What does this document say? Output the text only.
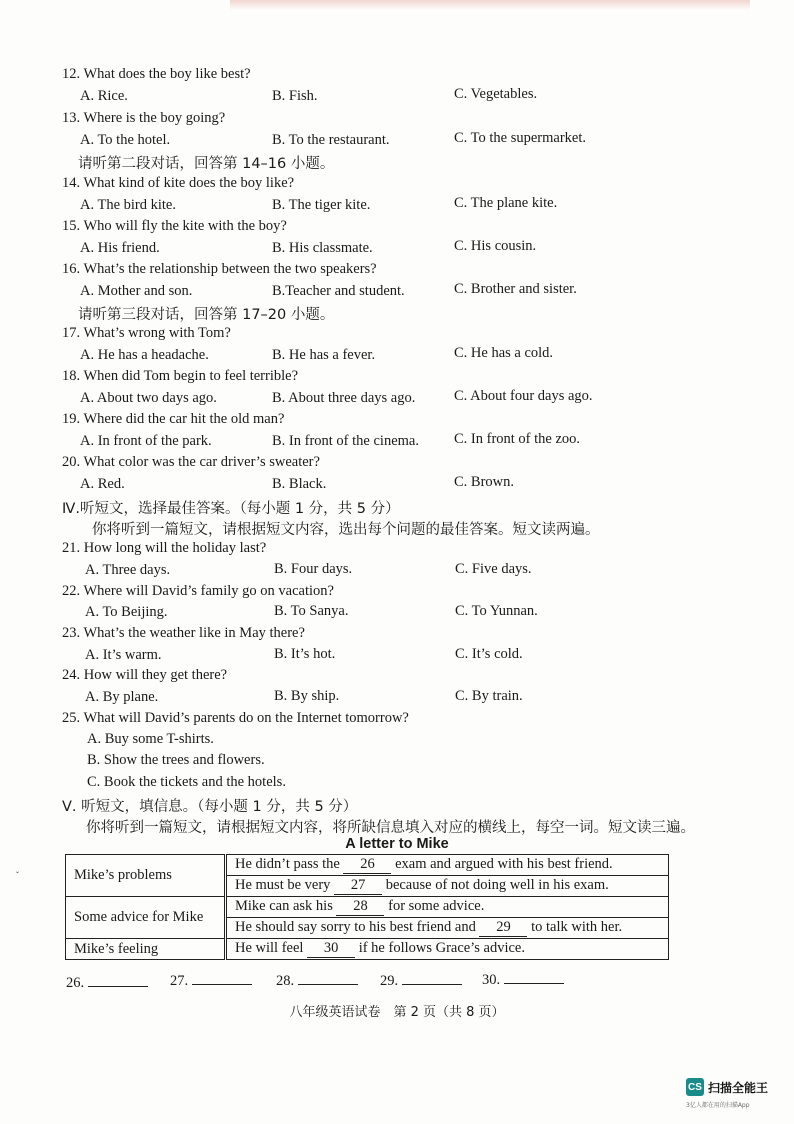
12. What does the boy like best?
A. Rice.	B. Fish.	C. Vegetables.
13. Where is the boy going?
A. To the hotel.	B. To the restaurant.	C. To the supermarket.
请听第二段对话，回答第 14–16 小题。
14. What kind of kite does the boy like?
A. The bird kite.	B. The tiger kite.	C. The plane kite.
15. Who will fly the kite with the boy?
A. His friend.	B. His classmate.	C. His cousin.
16. What’s the relationship between the two speakers?
A. Mother and son.	B.Teacher and student.	C. Brother and sister.
请听第三段对话，回答第 17–20 小题。
17. What’s wrong with Tom?
A. He has a headache.	B. He has a fever.	C. He has a cold.
18. When did Tom begin to feel terrible?
A. About two days ago.	B. About three days ago.	C. About four days ago.
19. Where did the car hit the old man?
A. In front of the park.	B. In front of the cinema. C. In front of the zoo.
20. What color was the car driver’s sweater?
A. Red.	B. Black.	C. Brown.
Ⅳ.听短文，选择最佳答案。（每小题 1 分，共 5 分）
你将听到一篇短文，请根据短文内容，选出每个问题的最佳答案。短文读两遍。
21. How long will the holiday last?
A. Three days.	B. Four days.	C. Five days.
22. Where will David’s family go on vacation?
A. To Beijing.	B. To Sanya.	C. To Yunnan.
23. What’s the weather like in May there?
A. It’s warm.	B. It’s hot.	C. It’s cold.
24. How will they get there?
A. By plane.	B. By ship.	C. By train.
25. What will David’s parents do on the Internet tomorrow?
A. Buy some T-shirts.
B. Show the trees and flowers.
C. Book the tickets and the hotels.
Ⅴ. 听短文，填信息。（每小题 1 分，共 5 分）
你将听到一篇短文，请根据短文内容，将所缺信息填入对应的横线上，每空一词。短文读三遍。
A letter to Mike
Mike’s problems	He didn’t pass the 26 exam and argued with his best friend.
	He must be very 27 because of not doing well in his exam.
Some advice for Mike	Mike can ask his 28 for some advice.
	He should say sorry to his best friend and 29 to talk with her.
Mike’s feeling	He will feel 30 if he follows Grace’s advice.
26.	27.	28.	29.	30.
八年级英语试卷　第 2 页（共 8 页）
ˇ
CS 扫描全能王
3亿人都在用的扫描App
